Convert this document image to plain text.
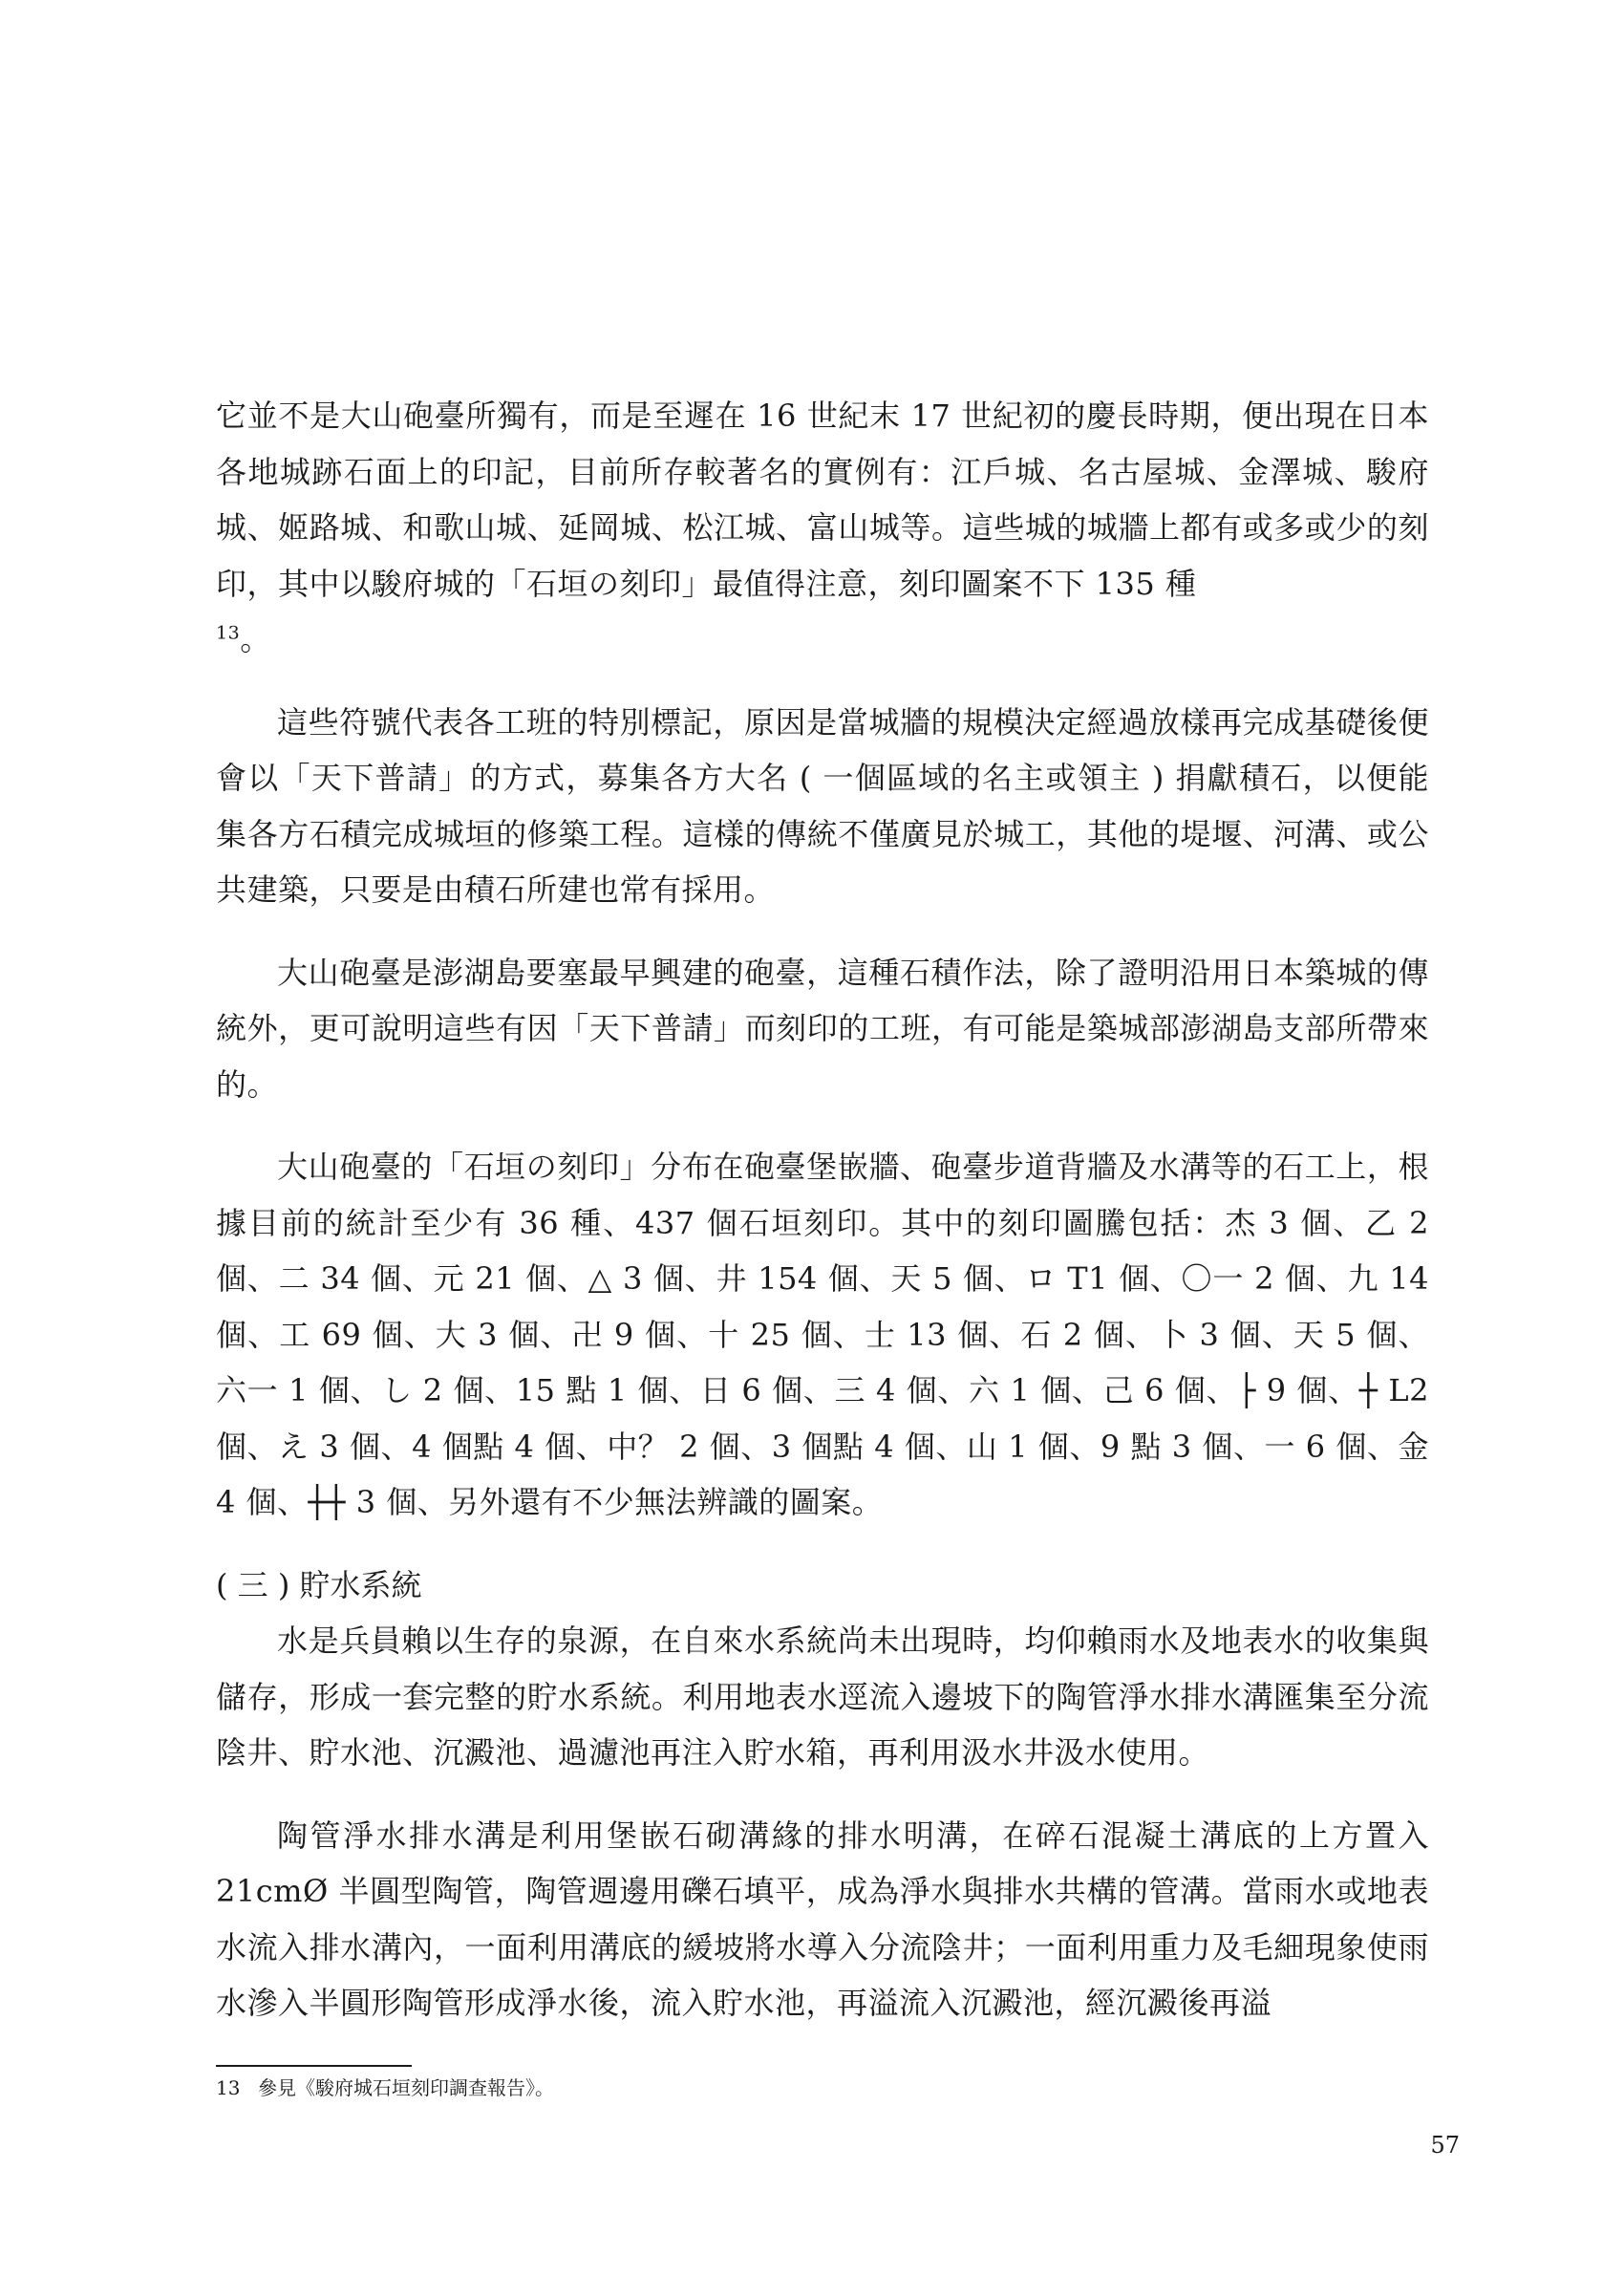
它並不是大山砲臺所獨有，而是至遲在 16 世紀末 17 世紀初的慶長時期，便出現在日本各地城跡石面上的印記，目前所存較著名的實例有：江戶城、名古屋城、金澤城、駿府城、姬路城、和歌山城、延岡城、松江城、富山城等。這些城的城牆上都有或多或少的刻印，其中以駿府城的「石垣の刻印」最值得注意，刻印圖案不下 135 種
$^{13}$。

這些符號代表各工班的特別標記，原因是當城牆的規模決定經過放樣再完成基礎後便會以「天下普請」的方式，募集各方大名 ( 一個區域的名主或領主 ) 捐獻積石，以便能集各方石積完成城垣的修築工程。這樣的傳統不僅廣見於城工，其他的堤堰、河溝、或公共建築，只要是由積石所建也常有採用。

大山砲臺是澎湖島要塞最早興建的砲臺，這種石積作法，除了證明沿用日本築城的傳統外，更可說明這些有因「天下普請」而刻印的工班，有可能是築城部澎湖島支部所帶來的。

大山砲臺的「石垣の刻印」分布在砲臺堡嵌牆、砲臺步道背牆及水溝等的石工上，根據目前的統計至少有 36 種、437 個石垣刻印。其中的刻印圖騰包括：杰 3 個、乙 2 個、二 34 個、元 21 個、△ 3 個、井 154 個、天 5 個、ロ T1 個、〇一 2 個、九 14 個、工 69 個、大 3 個、卍 9 個、十 25 個、士 13 個、石 2 個、卜 3 個、天 5 個、六一 1 個、し 2 個、15 點 1 個、日 6 個、三 4 個、六 1 個、己 6 個、├ 9 個、┼ L2 個、え 3 個、4 個點 4 個、中？ 2 個、3 個點 4 個、山 1 個、9 點 3 個、一 6 個、金 4 個、┼┼ 3 個、另外還有不少無法辨識的圖案。

( 三 ) 貯水系統

水是兵員賴以生存的泉源，在自來水系統尚未出現時，均仰賴雨水及地表水的收集與儲存，形成一套完整的貯水系統。利用地表水逕流入邊坡下的陶管淨水排水溝匯集至分流陰井、貯水池、沉澱池、過濾池再注入貯水箱，再利用汲水井汲水使用。

陶管淨水排水溝是利用堡嵌石砌溝緣的排水明溝，在碎石混凝土溝底的上方置入 21cmØ 半圓型陶管，陶管週邊用礫石填平，成為淨水與排水共構的管溝。當雨水或地表水流入排水溝內，一面利用溝底的緩坡將水導入分流陰井；一面利用重力及毛細現象使雨水滲入半圓形陶管形成淨水後，流入貯水池，再溢流入沉澱池，經沉澱後再溢

13 參見《駿府城石垣刻印調查報告》。
57
